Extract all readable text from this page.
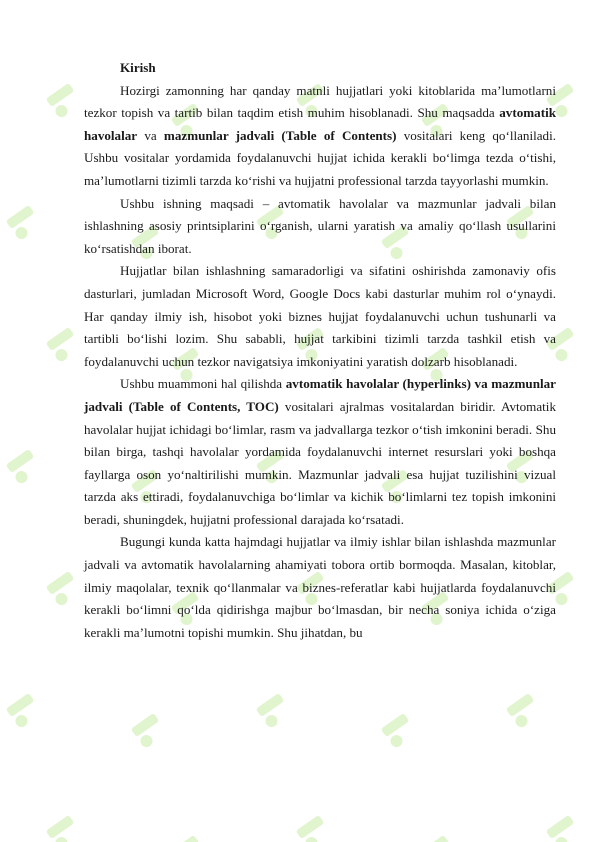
Kirish

Hozirgi zamonning har qanday matnli hujjatlari yoki kitoblarida ma’lumotlarni tezkor topish va tartib bilan taqdim etish muhim hisoblanadi. Shu maqsadda avtomatik havolalar va mazmunlar jadvali (Table of Contents) vositalari keng qo‘llaniladi. Ushbu vositalar yordamida foydalanuvchi hujjat ichida kerakli bo‘limga tezda o‘tishi, ma’lumotlarni tizimli tarzda ko‘rishi va hujjatni professional tarzda tayyorlashi mumkin.

Ushbu ishning maqsadi – avtomatik havolalar va mazmunlar jadvali bilan ishlashning asosiy printsiplarini o‘rganish, ularni yaratish va amaliy qo‘llash usullarini ko‘rsatishdan iborat.

Hujjatlar bilan ishlashning samaradorligi va sifatini oshirishda zamonaviy ofis dasturlari, jumladan Microsoft Word, Google Docs kabi dasturlar muhim rol o‘ynaydi. Har qanday ilmiy ish, hisobot yoki biznes hujjat foydalanuvchi uchun tushunarli va tartibli bo‘lishi lozim. Shu sababli, hujjat tarkibini tizimli tarzda tashkil etish va foydalanuvchi uchun tezkor navigatsiya imkoniyatini yaratish dolzarb hisoblanadi.

Ushbu muammoni hal qilishda avtomatik havolalar (hyperlinks) va mazmunlar jadvali (Table of Contents, TOC) vositalari ajralmas vositalardan biridir. Avtomatik havolalar hujjat ichidagi bo‘limlar, rasm va jadvallarga tezkor o‘tish imkonini beradi. Shu bilan birga, tashqi havolalar yordamida foydalanuvchi internet resurslari yoki boshqa fayllarga oson yo‘naltirilishi mumkin. Mazmunlar jadvali esa hujjat tuzilishini vizual tarzda aks ettiradi, foydalanuvchiga bo‘limlar va kichik bo‘limlarni tez topish imkonini beradi, shuningdek, hujjatni professional darajada ko‘rsatadi.

Bugungi kunda katta hajmdagi hujjatlar va ilmiy ishlar bilan ishlashda mazmunlar jadvali va avtomatik havolalarning ahamiyati tobora ortib bormoqda. Masalan, kitoblar, ilmiy maqolalar, texnik qo‘llanmalar va biznes-referatlar kabi hujjatlarda foydalanuvchi kerakli bo‘limni qo‘lda qidirishga majbur bo‘lmasdan, bir necha soniya ichida o‘ziga kerakli ma’lumotni topishi mumkin. Shu jihatdan, bu
